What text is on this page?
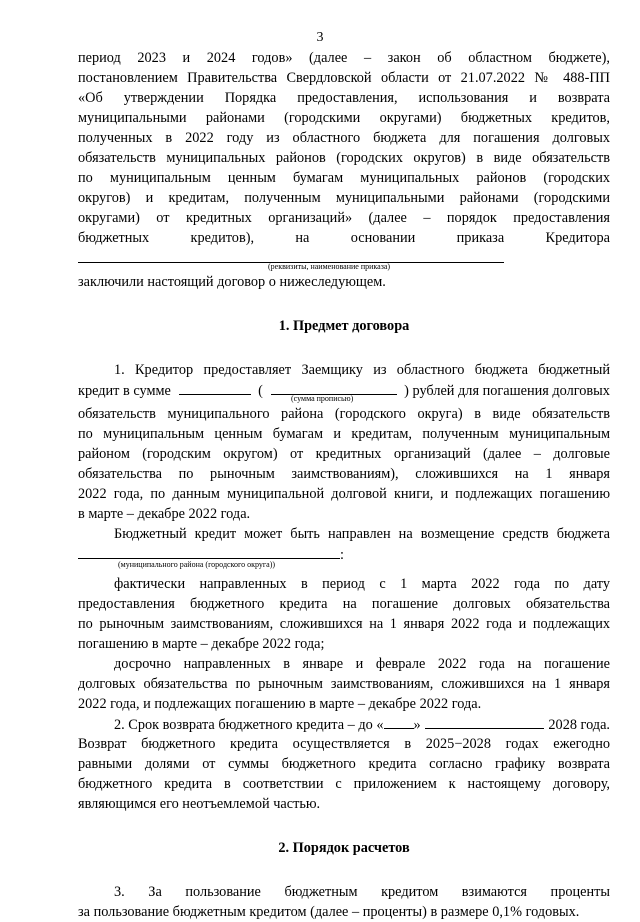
3

период 2023 и 2024 годов» (далее – закон об областном бюджете),

постановлением Правительства Свердловской области от 21.07.2022 № 488-ПП

«Об утверждении Порядка предоставления, использования и возврата

муниципальными районами (городскими округами) бюджетных кредитов,

полученных в 2022 году из областного бюджета для погашения долговых

обязательств муниципальных районов (городских округов) в виде обязательств

по муниципальным ценным бумагам муниципальных районов (городских

округов) и кредитам, полученным муниципальными районами (городскими

округами) от кредитных организаций» (далее – порядок предоставления

бюджетных кредитов), на основании приказа Кредитора

(реквизиты, наименование приказа)

заключили настоящий договор о нижеследующем.

1. Предмет договора

1. Кредитор предоставляет Заемщику из областного бюджета бюджетный

кредит в сумме	(	) рублей для погашения долговых

(сумма прописью)

обязательств муниципального района (городского округа) в виде обязательств

по муниципальным ценным бумагам и кредитам, полученным муниципальным

районом (городским округом) от кредитных организаций (далее – долговые

обязательства по рыночным заимствованиям), сложившихся на 1 января

2022 года, по данным муниципальной долговой книги, и подлежащих погашению

в марте – декабре 2022 года.

Бюджетный кредит может быть направлен на возмещение средств бюджета

:

(муниципального района (городского округа))

фактически направленных в период с 1 марта 2022 года по дату

предоставления бюджетного кредита на погашение долговых обязательства

по рыночным заимствованиям, сложившихся на 1 января 2022 года и подлежащих

погашению в марте – декабре 2022 года;

досрочно направленных в январе и феврале 2022 года на погашение

долговых обязательства по рыночным заимствованиям, сложившихся на 1 января

2022 года, и подлежащих погашению в марте – декабре 2022 года.

2. Срок возврата бюджетного кредита – до « »	2028 года.

Возврат бюджетного кредита осуществляется в 2025−2028 годах ежегодно

равными долями от суммы бюджетного кредита согласно графику возврата

бюджетного кредита в соответствии с приложением к настоящему договору,

являющимся его неотъемлемой частью.

2. Порядок расчетов

3. За пользование бюджетным кредитом взимаются проценты

за пользование бюджетным кредитом (далее – проценты) в размере 0,1% годовых.
